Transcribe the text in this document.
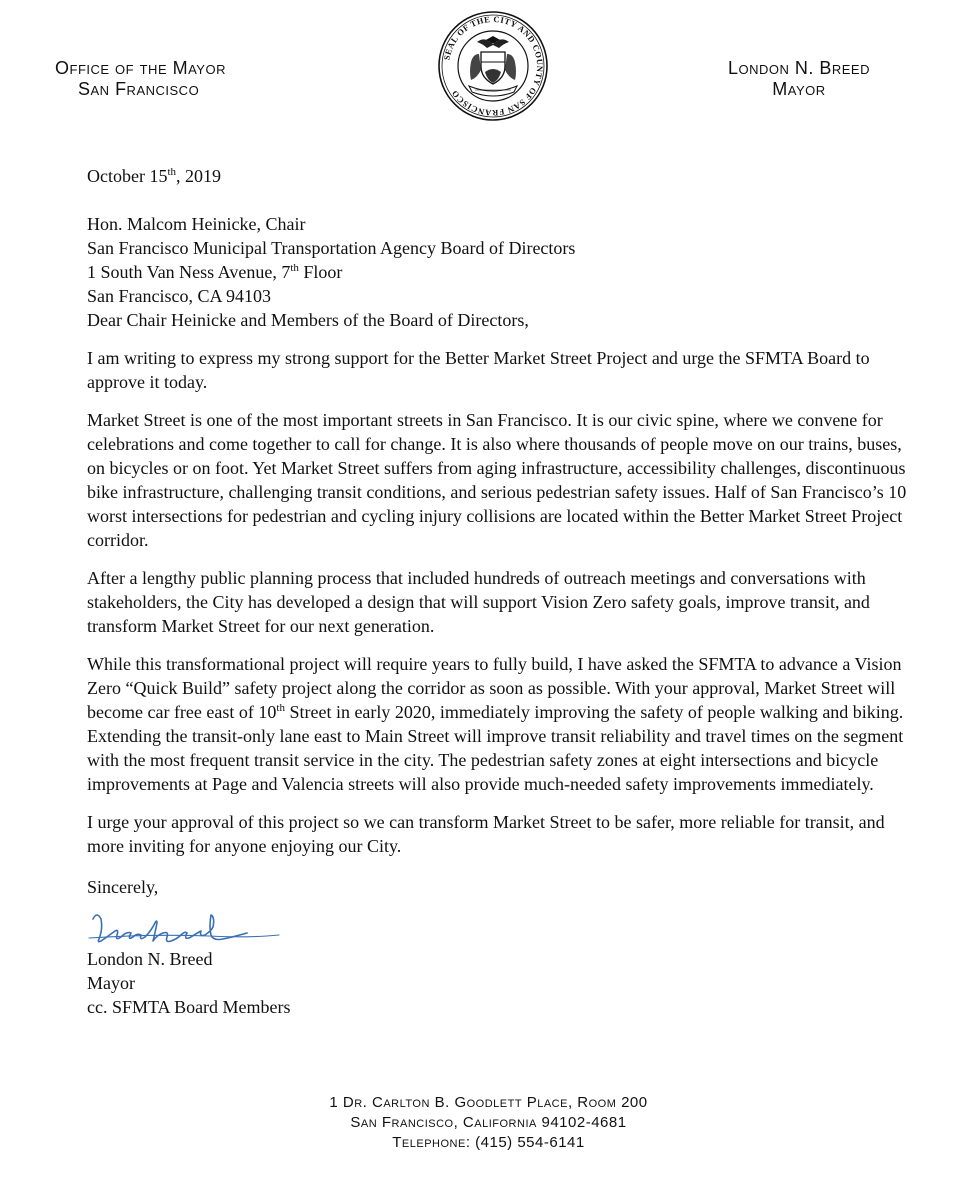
Office of the Mayor
San Francisco
SEAL OF THE CITY AND COUNTY OF SAN FRANCISCO
London N. Breed
Mayor

October 15th, 2019

Hon. Malcom Heinicke, Chair

San Francisco Municipal Transportation Agency Board of Directors

1 South Van Ness Avenue, 7th Floor

San Francisco, CA 94103

Dear Chair Heinicke and Members of the Board of Directors,

I am writing to express my strong support for the Better Market Street Project and urge the SFMTA Board to approve it today.

Market Street is one of the most important streets in San Francisco. It is our civic spine, where we convene for celebrations and come together to call for change. It is also where thousands of people move on our trains, buses, on bicycles or on foot. Yet Market Street suffers from aging infrastructure, accessibility challenges, discontinuous bike infrastructure, challenging transit conditions, and serious pedestrian safety issues. Half of San Francisco’s 10 worst intersections for pedestrian and cycling injury collisions are located within the Better Market Street Project corridor.

After a lengthy public planning process that included hundreds of outreach meetings and conversations with stakeholders, the City has developed a design that will support Vision Zero safety goals, improve transit, and transform Market Street for our next generation.

While this transformational project will require years to fully build, I have asked the SFMTA to advance a Vision Zero “Quick Build” safety project along the corridor as soon as possible. With your approval, Market Street will become car free east of 10th Street in early 2020, immediately improving the safety of people walking and biking. Extending the transit-only lane east to Main Street will improve transit reliability and travel times on the segment with the most frequent transit service in the city. The pedestrian safety zones at eight intersections and bicycle improvements at Page and Valencia streets will also provide much-needed safety improvements immediately.

I urge your approval of this project so we can transform Market Street to be safer, more reliable for transit, and more inviting for anyone enjoying our City.

Sincerely,

London N. Breed

Mayor

cc. SFMTA Board Members

1 Dr. Carlton B. Goodlett Place, Room 200
San Francisco, California 94102-4681
Telephone: (415) 554-6141
